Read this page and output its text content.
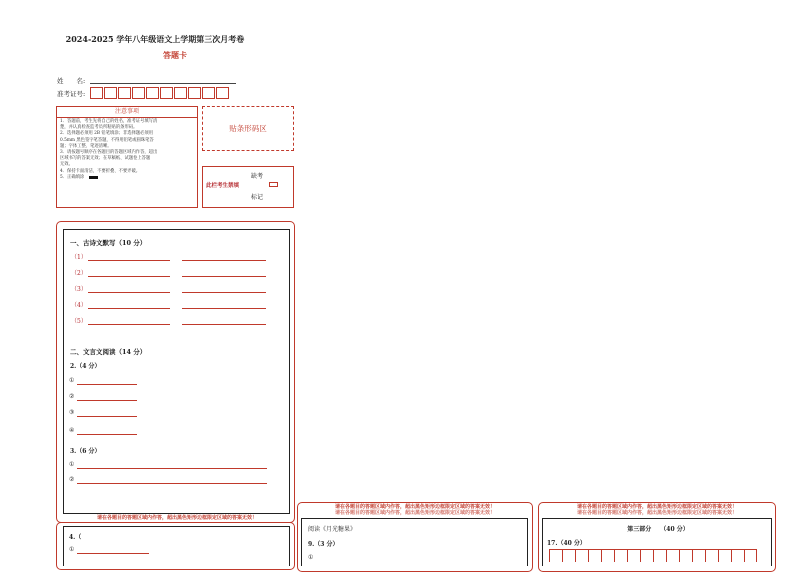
2024-2025 学年八年级语文上学期第三次月考卷
答题卡
姓　　名:
准考证号:
注意事项
1．答题前，考生先将自己的姓名，准考证号填写清
楚，并认真检查监考员所粘贴的条形码。
2．选择题必须用 2B 铅笔填涂；非选择题必须用
0.5mm 黑色签字笔答题，不得用铅笔或圆珠笔答
题；字体工整、笔迹清晰。
3．请按题号顺序在各题目的答题区域内作答，超出
区域书写的答案无效；在草稿纸、试题卷上答题
无效。
4．保持卡面清洁，不要折叠、不要弄破。
5．正确填涂
贴条形码区
缺考
此栏考生禁填
标记
一、古诗文默写（10 分）
（1）
（2）
（3）
（4）
（5）
二、文言文阅读（14 分）
2.（4 分）
①
②
③
④
3.（6 分）
①
②
请在各题目的答题区域内作答，超出黑色矩形边框限定区域的答案无效！
4.（
①
请在各题目的答题区域内作答，超出黑色矩形边框限定区域的答案无效！
请在各题目的答题区域内作答，超出黑色矩形边框限定区域的答案无效！
阅读《月光糖果》
9.（3 分）
①
请在各题目的答题区域内作答，超出黑色矩形边框限定区域的答案无效！
请在各题目的答题区域内作答，超出黑色矩形边框限定区域的答案无效！
第三部分　　（40 分）
17.（40 分）
